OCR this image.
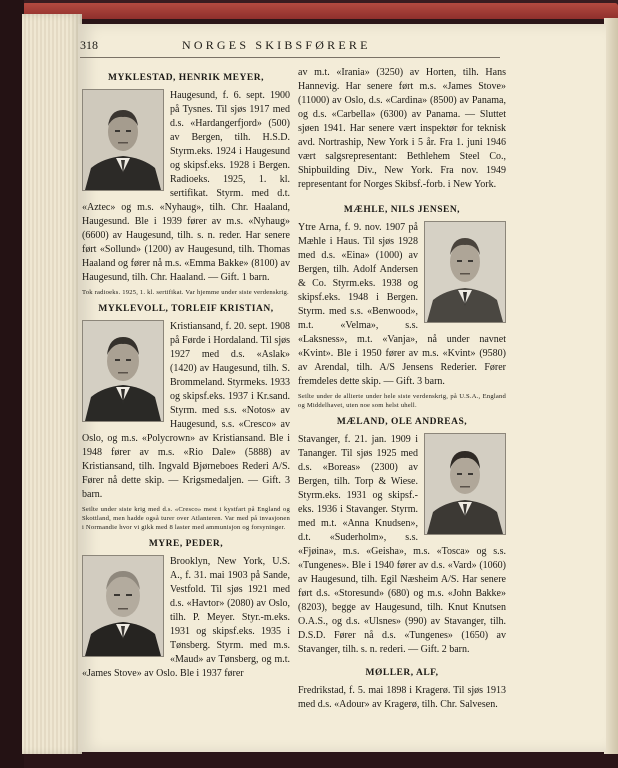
318	NORGES SKIBSFØRERE
MYKLESTAD, HENRIK MEYER,

Haugesund, f. 6. sept. 1900 på Tysnes. Til sjøs 1917 med d.s. «Hardangerfjord» (500) av Bergen, tilh. H.S.D. Styrm.eks. 1924 i Haugesund og skipsf.eks. 1928 i Bergen. Radioeks. 1925, 1. kl. sertifikat. Styrm. med d.t. «Aztec» og m.s. «Nyhaug», tilh. Chr. Haaland, Haugesund. Ble i 1939 fører av m.s. «Nyhaug» (6600) av Haugesund, tilh. s. n. reder. Har senere ført «Sollund» (1200) av Haugesund, tilh. Thomas Haaland og fører nå m.s. «Emma Bakke» (8100) av Haugesund, tilh. Chr. Haaland. — Gift. 1 barn.

Tok radioeks. 1925, 1. kl. sertifikat. Var hjemme under siste verdenskrig.

MYKLEVOLL, TORLEIF KRISTIAN,

Kristiansand, f. 20. sept. 1908 på Førde i Hordaland. Til sjøs 1927 med d.s. «Aslak» (1420) av Haugesund, tilh. S. Brommeland. Styrmeks. 1933 og skipsf.eks. 1937 i Kr.sand. Styrm. med s.s. «Notos» av Haugesund, s.s. «Cresco» av Oslo, og m.s. «Polycrown» av Kristiansand. Ble i 1948 fører av m.s. «Rio Dale» (5888) av Kristiansand, tilh. Ingvald Bjørneboes Rederi A/S. Fører nå dette skip. — Krigsmedaljen. — Gift. 3 barn.

Seilte under siste krig med d.s. «Cresco» mest i kystfart på England og Skottland, men hadde også turer over Atlanteren. Var med på invasjonen i Normandie hvor vi gikk med 8 laster med ammunisjon og forsyninger.

MYRE, PEDER,

Brooklyn, New York, U.S. A., f. 31. mai 1903 på Sande, Vestfold. Til sjøs 1921 med d.s. «Havtor» (2080) av Oslo, tilh. P. Meyer. Styr.-m.eks. 1931 og skipsf.eks. 1935 i Tønsberg. Styrm. med m.s. «Maud» av Tønsberg, og m.t. «James Stove» av Oslo. Ble i 1937 fører

av m.t. «Irania» (3250) av Horten, tilh. Hans Hannevig. Har senere ført m.s. «James Stove» (11000) av Oslo, d.s. «Cardina» (8500) av Panama, og d.s. «Carbella» (6300) av Panama. — Sluttet sjøen 1941. Har senere vært inspektør for teknisk avd. Nortraship, New York i 5 år. Fra 1. juni 1946 vært salgsrepresentant: Bethlehem Steel Co., Shipbuilding Div., New York. Fra nov. 1949 representant for Norges Skibsf.-forb. i New York.

MÆHLE, NILS JENSEN,

Ytre Arna, f. 9. nov. 1907 på Mæhle i Haus. Til sjøs 1928 med d.s. «Eina» (1000) av Bergen, tilh. Adolf Andersen & Co. Styrm.eks. 1938 og skipsf.eks. 1948 i Bergen. Styrm. med s.s. «Benwood», m.t. «Velma», s.s. «Laksness», m.t. «Vanja», nå under navnet «Kvint». Ble i 1950 fører av m.s. «Kvint» (9580) av Arendal, tilh. A/S Jensens Rederier. Fører fremdeles dette skip. — Gift. 3 barn.

Seilte under de allierte under hele siste verdenskrig, på U.S.A., England og Middelhavet, uten noe som helst uhell.

MÆLAND, OLE ANDREAS,

Stavanger, f. 21. jan. 1909 i Tananger. Til sjøs 1925 med d.s. «Boreas» (2300) av Bergen, tilh. Torp & Wiese. Styrm.eks. 1931 og skipsf.-eks. 1936 i Stavanger. Styrm. med m.t. «Anna Knudsen», d.t. «Suderholm», s.s. «Fjøina», m.s. «Geisha», m.s. «Tosca» og s.s. «Tungenes». Ble i 1940 fører av d.s. «Vard» (1060) av Haugesund, tilh. Egil Næsheim A/S. Har senere ført d.s. «Storesund» (680) og m.s. «John Bakke» (8203), begge av Haugesund, tilh. Knut Knutsen O.A.S., og d.s. «Ulsnes» (990) av Stavanger, tilh. D.S.D. Fører nå d.s. «Tungenes» (1650) av Stavanger, tilh. s. n. rederi. — Gift. 2 barn.

MØLLER, ALF,

Fredrikstad, f. 5. mai 1898 i Kragerø. Til sjøs 1913 med d.s. «Adour» av Kragerø, tilh. Chr. Salvesen.
